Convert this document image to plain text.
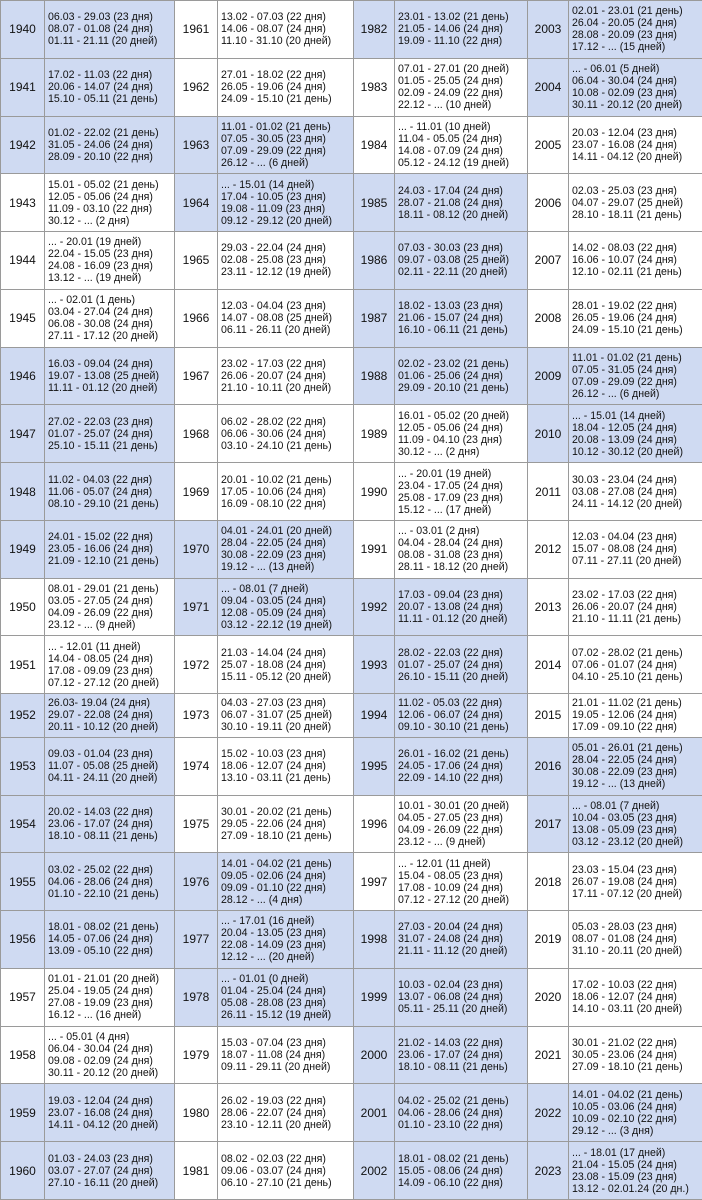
1940	06.03 - 29.03 (23 дня)
08.07 - 01.08 (24 дня)
01.11 - 21.11 (20 дней)	1961	13.02 - 07.03 (22 дня)
14.06 - 08.07 (24 дня)
11.10 - 31.10 (20 дней)	1982	23.01 - 13.02 (21 день)
21.05 - 14.06 (24 дня)
19.09 - 11.10 (22 дня)	2003	02.01 - 23.01 (21 день)
26.04 - 20.05 (24 дня)
28.08 - 20.09 (23 дня)
17.12 - ... (15 дней)

1941	17.02 - 11.03 (22 дня)
20.06 - 14.07 (24 дня)
15.10 - 05.11 (21 день)	1962	27.01 - 18.02 (22 дня)
26.05 - 19.06 (24 дня)
24.09 - 15.10 (21 день)	1983	07.01 - 27.01 (20 дней)
01.05 - 25.05 (24 дня)
02.09 - 24.09 (22 дня)
22.12 - ... (10 дней)	2004	... - 06.01 (5 дней)
06.04 - 30.04 (24 дня)
10.08 - 02.09 (23 дня)
30.11 - 20.12 (20 дней)

1942	01.02 - 22.02 (21 день)
31.05 - 24.06 (24 дня)
28.09 - 20.10 (22 дня)	1963	11.01 - 01.02 (21 день)
07.05 - 30.05 (23 дня)
07.09 - 29.09 (22 дня)
26.12 - ... (6 дней)	1984	... - 11.01 (10 дней)
11.04 - 05.05 (24 дня)
14.08 - 07.09 (24 дня)
05.12 - 24.12 (19 дней)	2005	20.03 - 12.04 (23 дня)
23.07 - 16.08 (24 дня)
14.11 - 04.12 (20 дней)

1943	15.01 - 05.02 (21 день)
12.05 - 05.06 (24 дня)
11.09 - 03.10 (22 дня)
30.12 - ... (2 дня)	1964	... - 15.01 (14 дней)
17.04 - 10.05 (23 дня)
19.08 - 11.09 (23 дня)
09.12 - 29.12 (20 дней)	1985	24.03 - 17.04 (24 дня)
28.07 - 21.08 (24 дня)
18.11 - 08.12 (20 дней)	2006	02.03 - 25.03 (23 дня)
04.07 - 29.07 (25 дней)
28.10 - 18.11 (21 день)

1944	... - 20.01 (19 дней)
22.04 - 15.05 (23 дня)
24.08 - 16.09 (23 дня)
13.12 - ... (19 дней)	1965	29.03 - 22.04 (24 дня)
02.08 - 25.08 (23 дня)
23.11 - 12.12 (19 дней)	1986	07.03 - 30.03 (23 дня)
09.07 - 03.08 (25 дней)
02.11 - 22.11 (20 дней)	2007	14.02 - 08.03 (22 дня)
16.06 - 10.07 (24 дня)
12.10 - 02.11 (21 день)

1945	... - 02.01 (1 день)
03.04 - 27.04 (24 дня)
06.08 - 30.08 (24 дня)
27.11 - 17.12 (20 дней)	1966	12.03 - 04.04 (23 дня)
14.07 - 08.08 (25 дней)
06.11 - 26.11 (20 дней)	1987	18.02 - 13.03 (23 дня)
21.06 - 15.07 (24 дня)
16.10 - 06.11 (21 день)	2008	28.01 - 19.02 (22 дня)
26.05 - 19.06 (24 дня)
24.09 - 15.10 (21 день)

1946	16.03 - 09.04 (24 дня)
19.07 - 13.08 (25 дней)
11.11 - 01.12 (20 дней)	1967	23.02 - 17.03 (22 дня)
26.06 - 20.07 (24 дня)
21.10 - 10.11 (20 дней)	1988	02.02 - 23.02 (21 день)
01.06 - 25.06 (24 дня)
29.09 - 20.10 (21 день)	2009	11.01 - 01.02 (21 день)
07.05 - 31.05 (24 дня)
07.09 - 29.09 (22 дня)
26.12 - ... (6 дней)

1947	27.02 - 22.03 (23 дня)
01.07 - 25.07 (24 дня)
25.10 - 15.11 (21 день)	1968	06.02 - 28.02 (22 дня)
06.06 - 30.06 (24 дня)
03.10 - 24.10 (21 день)	1989	16.01 - 05.02 (20 дней)
12.05 - 05.06 (24 дня)
11.09 - 04.10 (23 дня)
30.12 - ... (2 дня)	2010	... - 15.01 (14 дней)
18.04 - 12.05 (24 дня)
20.08 - 13.09 (24 дня)
10.12 - 30.12 (20 дней)

1948	11.02 - 04.03 (22 дня)
11.06 - 05.07 (24 дня)
08.10 - 29.10 (21 день)	1969	20.01 - 10.02 (21 день)
17.05 - 10.06 (24 дня)
16.09 - 08.10 (22 дня)	1990	... - 20.01 (19 дней)
23.04 - 17.05 (24 дня)
25.08 - 17.09 (23 дня)
15.12 - ... (17 дней)	2011	30.03 - 23.04 (24 дня)
03.08 - 27.08 (24 дня)
24.11 - 14.12 (20 дней)

1949	24.01 - 15.02 (22 дня)
23.05 - 16.06 (24 дня)
21.09 - 12.10 (21 день)	1970	04.01 - 24.01 (20 дней)
28.04 - 22.05 (24 дня)
30.08 - 22.09 (23 дня)
19.12 - ... (13 дней)	1991	... - 03.01 (2 дня)
04.04 - 28.04 (24 дня)
08.08 - 31.08 (23 дня)
28.11 - 18.12 (20 дней)	2012	12.03 - 04.04 (23 дня)
15.07 - 08.08 (24 дня)
07.11 - 27.11 (20 дней)

1950	08.01 - 29.01 (21 день)
03.05 - 27.05 (24 дня)
04.09 - 26.09 (22 дня)
23.12 - ... (9 дней)	1971	... - 08.01 (7 дней)
09.04 - 03.05 (24 дня)
12.08 - 05.09 (24 дня)
03.12 - 22.12 (19 дней)	1992	17.03 - 09.04 (23 дня)
20.07 - 13.08 (24 дня)
11.11 - 01.12 (20 дней)	2013	23.02 - 17.03 (22 дня)
26.06 - 20.07 (24 дня)
21.10 - 11.11 (21 день)

1951	... - 12.01 (11 дней)
14.04 - 08.05 (24 дня)
17.08 - 09.09 (23 дня)
07.12 - 27.12 (20 дней)	1972	21.03 - 14.04 (24 дня)
25.07 - 18.08 (24 дня)
15.11 - 05.12 (20 дней)	1993	28.02 - 22.03 (22 дня)
01.07 - 25.07 (24 дня)
26.10 - 15.11 (20 дней)	2014	07.02 - 28.02 (21 день)
07.06 - 01.07 (24 дня)
04.10 - 25.10 (21 день)

1952	26.03- 19.04 (24 дня)
29.07 - 22.08 (24 дня)
20.11 - 10.12 (20 дней)	1973	04.03 - 27.03 (23 дня)
06.07 - 31.07 (25 дней)
30.10 - 19.11 (20 дней)	1994	11.02 - 05.03 (22 дня)
12.06 - 06.07 (24 дня)
09.10 - 30.10 (21 день)	2015	21.01 - 11.02 (21 день)
19.05 - 12.06 (24 дня)
17.09 - 09.10 (22 дня)

1953	09.03 - 01.04 (23 дня)
11.07 - 05.08 (25 дней)
04.11 - 24.11 (20 дней)	1974	15.02 - 10.03 (23 дня)
18.06 - 12.07 (24 дня)
13.10 - 03.11 (21 день)	1995	26.01 - 16.02 (21 день)
24.05 - 17.06 (24 дня)
22.09 - 14.10 (22 дня)	2016	05.01 - 26.01 (21 день)
28.04 - 22.05 (24 дня)
30.08 - 22.09 (23 дня)
19.12 - ... (13 дней)

1954	20.02 - 14.03 (22 дня)
23.06 - 17.07 (24 дня)
18.10 - 08.11 (21 день)	1975	30.01 - 20.02 (21 день)
29.05 - 22.06 (24 дня)
27.09 - 18.10 (21 день)	1996	10.01 - 30.01 (20 дней)
04.05 - 27.05 (23 дня)
04.09 - 26.09 (22 дня)
23.12 - ... (9 дней)	2017	... - 08.01 (7 дней)
10.04 - 03.05 (23 дня)
13.08 - 05.09 (23 дня)
03.12 - 23.12 (20 дней)

1955	03.02 - 25.02 (22 дня)
04.06 - 28.06 (24 дня)
01.10 - 22.10 (21 день)	1976	14.01 - 04.02 (21 день)
09.05 - 02.06 (24 дня)
09.09 - 01.10 (22 дня)
28.12 - ... (4 дня)	1997	... - 12.01 (11 дней)
15.04 - 08.05 (23 дня)
17.08 - 10.09 (24 дня)
07.12 - 27.12 (20 дней)	2018	23.03 - 15.04 (23 дня)
26.07 - 19.08 (24 дня)
17.11 - 07.12 (20 дней)

1956	18.01 - 08.02 (21 день)
14.05 - 07.06 (24 дня)
13.09 - 05.10 (22 дня)	1977	... - 17.01 (16 дней)
20.04 - 13.05 (23 дня)
22.08 - 14.09 (23 дня)
12.12 - ... (20 дней)	1998	27.03 - 20.04 (24 дня)
31.07 - 24.08 (24 дня)
21.11 - 11.12 (20 дней)	2019	05.03 - 28.03 (23 дня)
08.07 - 01.08 (24 дня)
31.10 - 20.11 (20 дней)

1957	01.01 - 21.01 (20 дней)
25.04 - 19.05 (24 дня)
27.08 - 19.09 (23 дня)
16.12 - ... (16 дней)	1978	... - 01.01 (0 дней)
01.04 - 25.04 (24 дня)
05.08 - 28.08 (23 дня)
26.11 - 15.12 (19 дней)	1999	10.03 - 02.04 (23 дня)
13.07 - 06.08 (24 дня)
05.11 - 25.11 (20 дней)	2020	17.02 - 10.03 (22 дня)
18.06 - 12.07 (24 дня)
14.10 - 03.11 (20 дней)

1958	... - 05.01 (4 дня)
06.04 - 30.04 (24 дня)
09.08 - 02.09 (24 дня)
30.11 - 20.12 (20 дней)	1979	15.03 - 07.04 (23 дня)
18.07 - 11.08 (24 дня)
09.11 - 29.11 (20 дней)	2000	21.02 - 14.03 (22 дня)
23.06 - 17.07 (24 дня)
18.10 - 08.11 (21 день)	2021	30.01 - 21.02 (22 дня)
30.05 - 23.06 (24 дня)
27.09 - 18.10 (21 день)

1959	19.03 - 12.04 (24 дня)
23.07 - 16.08 (24 дня)
14.11 - 04.12 (20 дней)	1980	26.02 - 19.03 (22 дня)
28.06 - 22.07 (24 дня)
23.10 - 12.11 (20 дней)	2001	04.02 - 25.02 (21 день)
04.06 - 28.06 (24 дня)
01.10 - 23.10 (22 дня)	2022	14.01 - 04.02 (21 день)
10.05 - 03.06 (24 дня)
10.09 - 02.10 (22 дня)
29.12 - ... (3 дня)

1960	01.03 - 24.03 (23 дня)
03.07 - 27.07 (24 дня)
27.10 - 16.11 (20 дней)	1981	08.02 - 02.03 (22 дня)
09.06 - 03.07 (24 дня)
06.10 - 27.10 (21 день)	2002	18.01 - 08.02 (21 день)
15.05 - 08.06 (24 дня)
14.09 - 06.10 (22 дня)	2023	... - 18.01 (17 дней)
21.04 - 15.05 (24 дня)
23.08 - 15.09 (23 дня)
13.12 - 02.01.24 (20 дн.)
